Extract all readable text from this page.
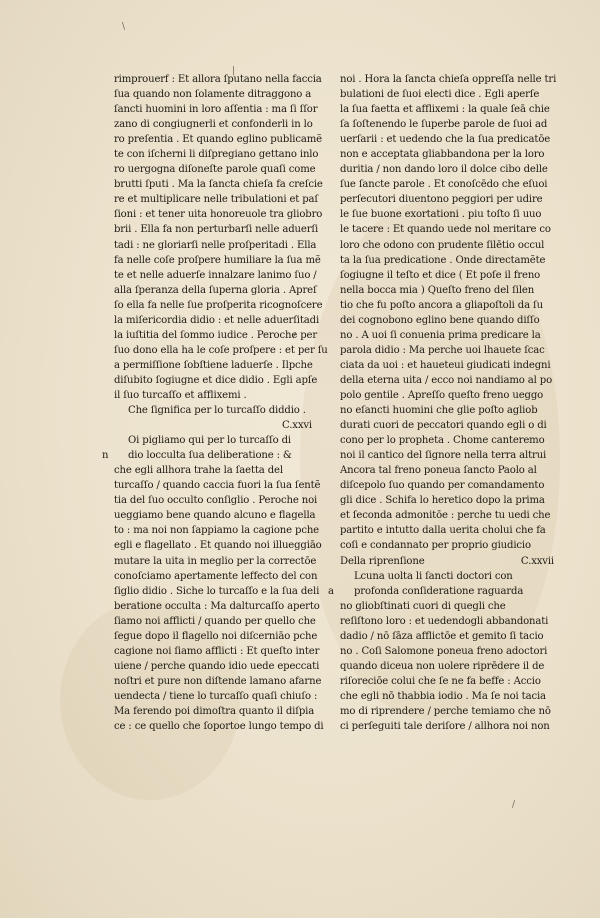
\
|
/
rimprouerf : Et allora ſputano nella faccia
ſua quando non ſolamente ditraggono a
ſancti huomini in loro aſſentia : ma ſi ſſor
zano di congiugnerli et confonderli in lo
ro preſentia . Et quando eglino publicamẽ
te con iſcherni li diſpregiano gettano inlo
ro uergogna diſoneſte parole quaſi come
brutti ſputi . Ma la ſancta chieſa fa creſcie
re et multiplicare nelle tribulationi et paſ
ſioni : et tener uita honoreuole tra gliobro
brii . Ella fa non perturbarſi nelle aduerſi
tadi : ne gloriarſi nelle proſperitadi . Ella
fa nelle coſe proſpere humiliare la ſua mẽ
te et nelle aduerſe innalzare lanimo ſuo /
alla ſperanza della ſuperna gloria . Apreſ
ſo ella fa nelle ſue proſperita ricognoſcere
la miſericordia didio : et nelle aduerſitadi
la iuſtitia del ſommo iudice . Perochɇ per
ſuo dono ella ha le coſe proſpere : et per ſu
a permiſſione ſobſtiene laduerſe . Ilpche
diſubito ſogiugne et dice didio . Egli apſe
il ſuo turcaſſo et afflixemi .
Che ſignifica per lo turcaſſo diddio .
C.xxvi
n
Oi pigliamo qui per lo turcaſſo di
dio locculta ſua deliberatione : &
che egli allhora trahe la ſaetta del
turcaſſo / quando caccia fuori la ſua ſentẽ
tia del ſuo occulto conſiglio . Peroche noi
ueggiamo bene quando alcuno e flagella
to : ma noi non ſappiamo la cagione pche
egli e flagellato . Et quando noi illueggiāo
mutare la uita in meglio per la correctōe
conoſciamo apertamente leffecto del con
ſiglio didio . Siche lo turcaſſo e la ſua deli
beratione occulta : Ma dalturcaſſo aperto
ſiamo noi afflicti / quando per quello che
ſegue dopo il flagello noi diſcerniāo pche
cagione noi ſiamo afflicti : Et queſto inter
uiene / perche quando idio uede epeccati
noſtri et pure non diſtende lamano afarne
uendecta / tiene lo turcaſſo quaſi chiuſo :
Ma ferendo poi dimoſtra quanto il diſpia
ce : ce quello che ſoportoe lungo tempo di
noi . Hora la ſancta chieſa oppreſſa nelle tri
bulationi de ſuoi electi dice . Egli aperſe
la ſua faetta et afflixemi : la quale ſeā chie
ſa ſoſtenendo le ſuperbe parole de ſuoi ad
uerſarii : et uedendo che la ſua predicatōe
non e acceptata gliabbandona per la loro
duritia / non dando loro il dolce cibo delle
ſue ſancte parole . Et conoſcēdo che eſuoi
perſecutori diuentono peggiori per udire
le ſue buone exortationi . piu toſto ſi uuo
le tacere : Et quando uede nol meritare co
loro che odono con prudente ſilētio occul
ta la ſua predicatione . Onde directamẽte
ſogiugne il teſto et dice ( Et poſe il freno
nella bocca mia ) Queſto freno del ſilen
tio che fu poſto ancora a gliapoſtoli da ſu
dei cognobono eglino bene quando diſſo
no . A uoi ſi conuenia prima predicare la
parola didio : Ma perche uoi lhauete ſcac
ciata da uoi : et haueteui giudicati indegni
della eterna uita / ecco noi nandiamo al po
polo gentile . Apreſſo queſto freno ueggo
no eſancti huomini che glie poſto agliob
durati cuori de peccatori quando egli o di
cono per lo propheta . Chome canteremo
noi il cantico del ſignore nella terra altrui
Ancora tal freno poneua ſancto Paolo al
diſcepolo ſuo quando per comandamento
gli dice . Schifa lo heretico dopo la prima
et ſeconda admonitōe : perche tu uedi che
partito e intutto dalla uerita cholui che fa
coſi e condannato per proprio giudicio
Della riprenſione	C.xxvii
a
Lcuna uolta li ſancti doctori con
profonda conſideratione raguarda
no gliobſtinati cuori di quegli che
reſiſtono loro : et uedendogli abbandonati
dadio / nō ſāza afflictōe et gemito ſi tacio
no . Coſi Salomone poneua freno adoctori
quando diceua non uolere riprēdere il de
riſoreciōe colui che ſe ne fa beffe : Accio
che egli nō thabbia iodio . Ma ſe noi tacia
mo di riprendere / perche temiamo che nō
ci perſeguiti tale deriſore / allhora noi non
